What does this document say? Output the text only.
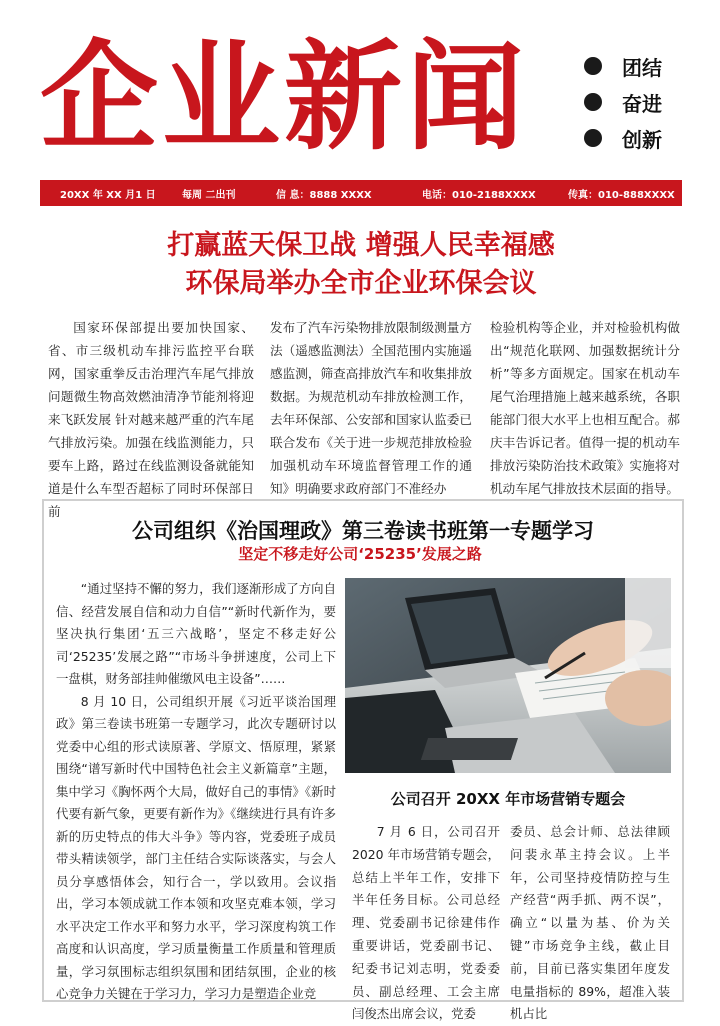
企业新闻	团结
奋进
创新
20XX 年 XX 月1 日	每周 二出刊	信 息：8888 XXXX	电话：010-2188XXXX	传真：010-888XXXX
打赢蓝天保卫战 增强人民幸福感
环保局举办全市企业环保会议

国家环保部提出要加快国家、省、市三级机动车排污监控平台联网，国家重拳反击治理汽车尾气排放问题微生物高效燃油清净节能剂将迎来飞跃发展 针对越来越严重的汽车尾气排放污染。加强在线监测能力，只要车上路，路过在线监测设备就能知道是什么车型否超标了同时环保部日前

发布了汽车污染物排放限制级测量方法（遥感监测法）全国范围内实施遥感监测，筛查高排放汽车和收集排放数据。为规范机动车排放检测工作，去年环保部、公安部和国家认监委已联合发布《关于进一步规范排放检验加强机动车环境监督管理工作的通知》明确要求政府部门不准经办

检验机构等企业，并对检验机构做出“规范化联网、加强数据统计分析”等多方面规定。国家在机动车尾气治理措施上越来越系统，各职能部门很大水平上也相互配合。郝庆丰告诉记者。值得一提的机动车排放污染防治技术政策》实施将对机动车尾气排放技术层面的指导。

公司组织《治国理政》第三卷读书班第一专题学习
坚定不移走好公司‘25235’发展之路

“通过坚持不懈的努力，我们逐渐形成了方向自信、经营发展自信和动力自信”“新时代新作为，要坚决执行集团‘五三六战略’，坚定不移走好公司‘25235’发展之路”“市场斗争拼速度，公司上下一盘棋，财务部挂帅催缴风电主设备”……

8 月 10 日，公司组织开展《习近平谈治国理政》第三卷读书班第一专题学习，此次专题研讨以党委中心组的形式读原著、学原文、悟原理，紧紧围绕“谱写新时代中国特色社会主义新篇章”主题，集中学习《胸怀两个大局，做好自己的事情》《新时代要有新气象，更要有新作为》《继续进行具有许多新的历史特点的伟大斗争》等内容，党委班子成员带头精读领学，部门主任结合实际谈落实，与会人员分享感悟体会，知行合一，学以致用。会议指出，学习本领成就工作本领和攻坚克难本领，学习水平决定工作水平和努力水平，学习深度构筑工作高度和认识高度，学习质量衡量工作质量和管理质量，学习氛围标志组织氛围和团结氛围，企业的核心竞争力关键在于学习力，学习力是塑造企业竞

公司召开 20XX 年市场营销专题会

7 月 6 日，公司召开 2020 年市场营销专题会，总结上半年工作，安排下半年任务目标。公司总经理、党委副书记徐建伟作重要讲话，党委副书记、纪委书记刘志明，党委委员、副总经理、工会主席闫俊杰出席会议，党委

委员、总会计师、总法律顾问裴永革主持会议。上半年，公司坚持疫情防控与生产经营“两手抓、两不误”，确立“以量为基、价为关键”市场竞争主线，截止目前，目前已落实集团年度发电量指标的 89%，超准入装机占比
